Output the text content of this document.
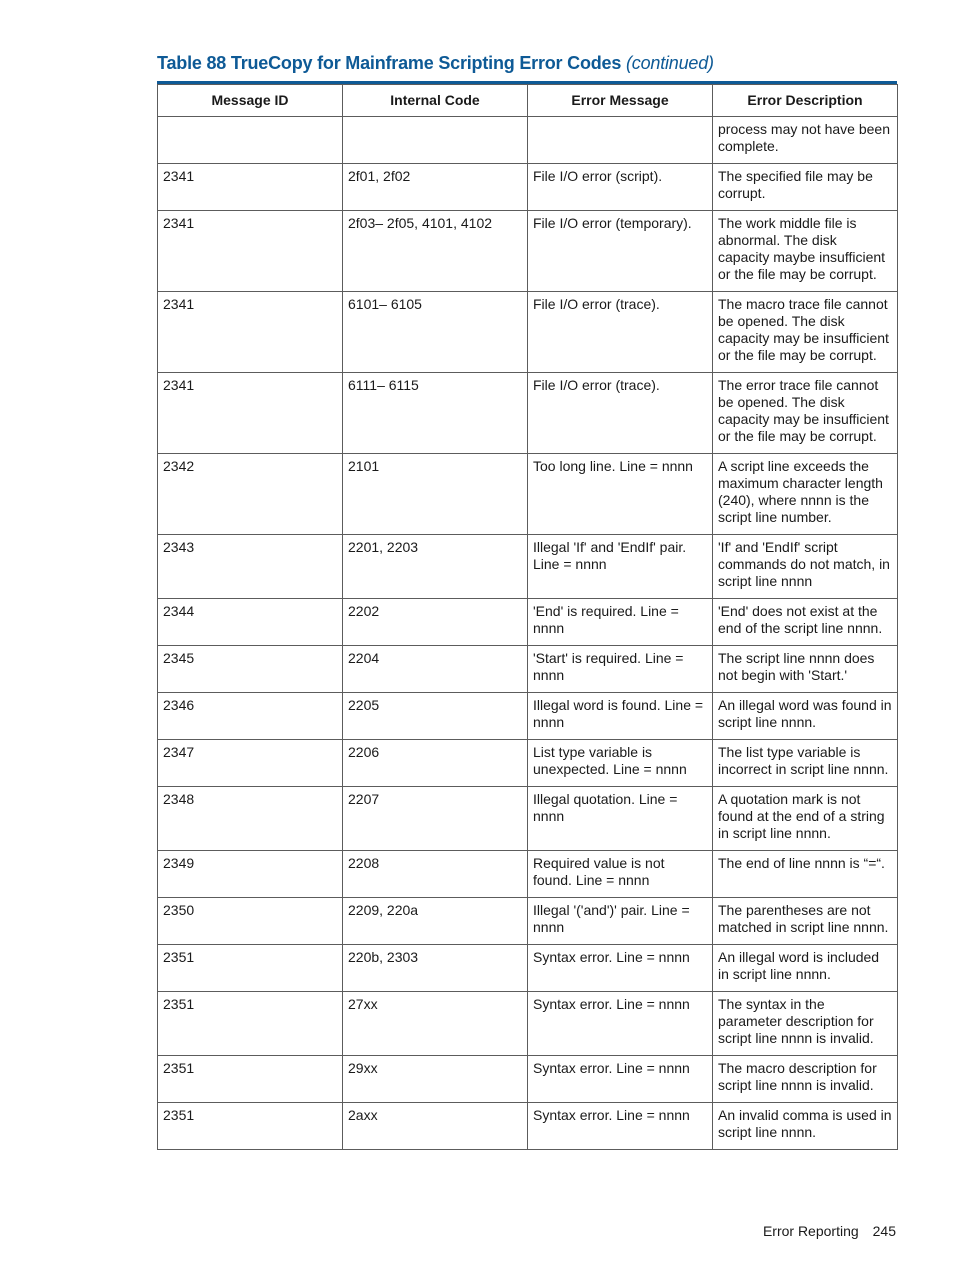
Table 88 TrueCopy for Mainframe Scripting Error Codes (continued)
Message ID	Internal Code	Error Message	Error Description
			process may not have been complete.
2341	2f01, 2f02	File I/O error (script).	The specified file may be corrupt.
2341	2f03– 2f05, 4101, 4102	File I/O error (temporary).	The work middle file is abnormal. The disk capacity maybe insufficient or the file may be corrupt.
2341	6101– 6105	File I/O error (trace).	The macro trace file cannot be opened. The disk capacity may be insufficient or the file may be corrupt.
2341	6111– 6115	File I/O error (trace).	The error trace file cannot be opened. The disk capacity may be insufficient or the file may be corrupt.
2342	2101	Too long line. Line = nnnn	A script line exceeds the maximum character length (240), where nnnn is the script line number.
2343	2201, 2203	Illegal 'If' and 'EndIf' pair. Line = nnnn	'If' and 'EndIf' script commands do not match, in script line nnnn
2344	2202	'End' is required. Line = nnnn	'End' does not exist at the end of the script line nnnn.
2345	2204	'Start' is required. Line = nnnn	The script line nnnn does not begin with 'Start.'
2346	2205	Illegal word is found. Line = nnnn	An illegal word was found in script line nnnn.
2347	2206	List type variable is unexpected. Line = nnnn	The list type variable is incorrect in script line nnnn.
2348	2207	Illegal quotation. Line = nnnn	A quotation mark is not found at the end of a string in script line nnnn.
2349	2208	Required value is not found. Line = nnnn	The end of line nnnn is “=“.
2350	2209, 220a	Illegal '('and')' pair. Line = nnnn	The parentheses are not matched in script line nnnn.
2351	220b, 2303	Syntax error. Line = nnnn	An illegal word is included in script line nnnn.
2351	27xx	Syntax error. Line = nnnn	The syntax in the parameter description for script line nnnn is invalid.
2351	29xx	Syntax error. Line = nnnn	The macro description for script line nnnn is invalid.
2351	2axx	Syntax error. Line = nnnn	An invalid comma is used in script line nnnn.
Error Reporting 245
